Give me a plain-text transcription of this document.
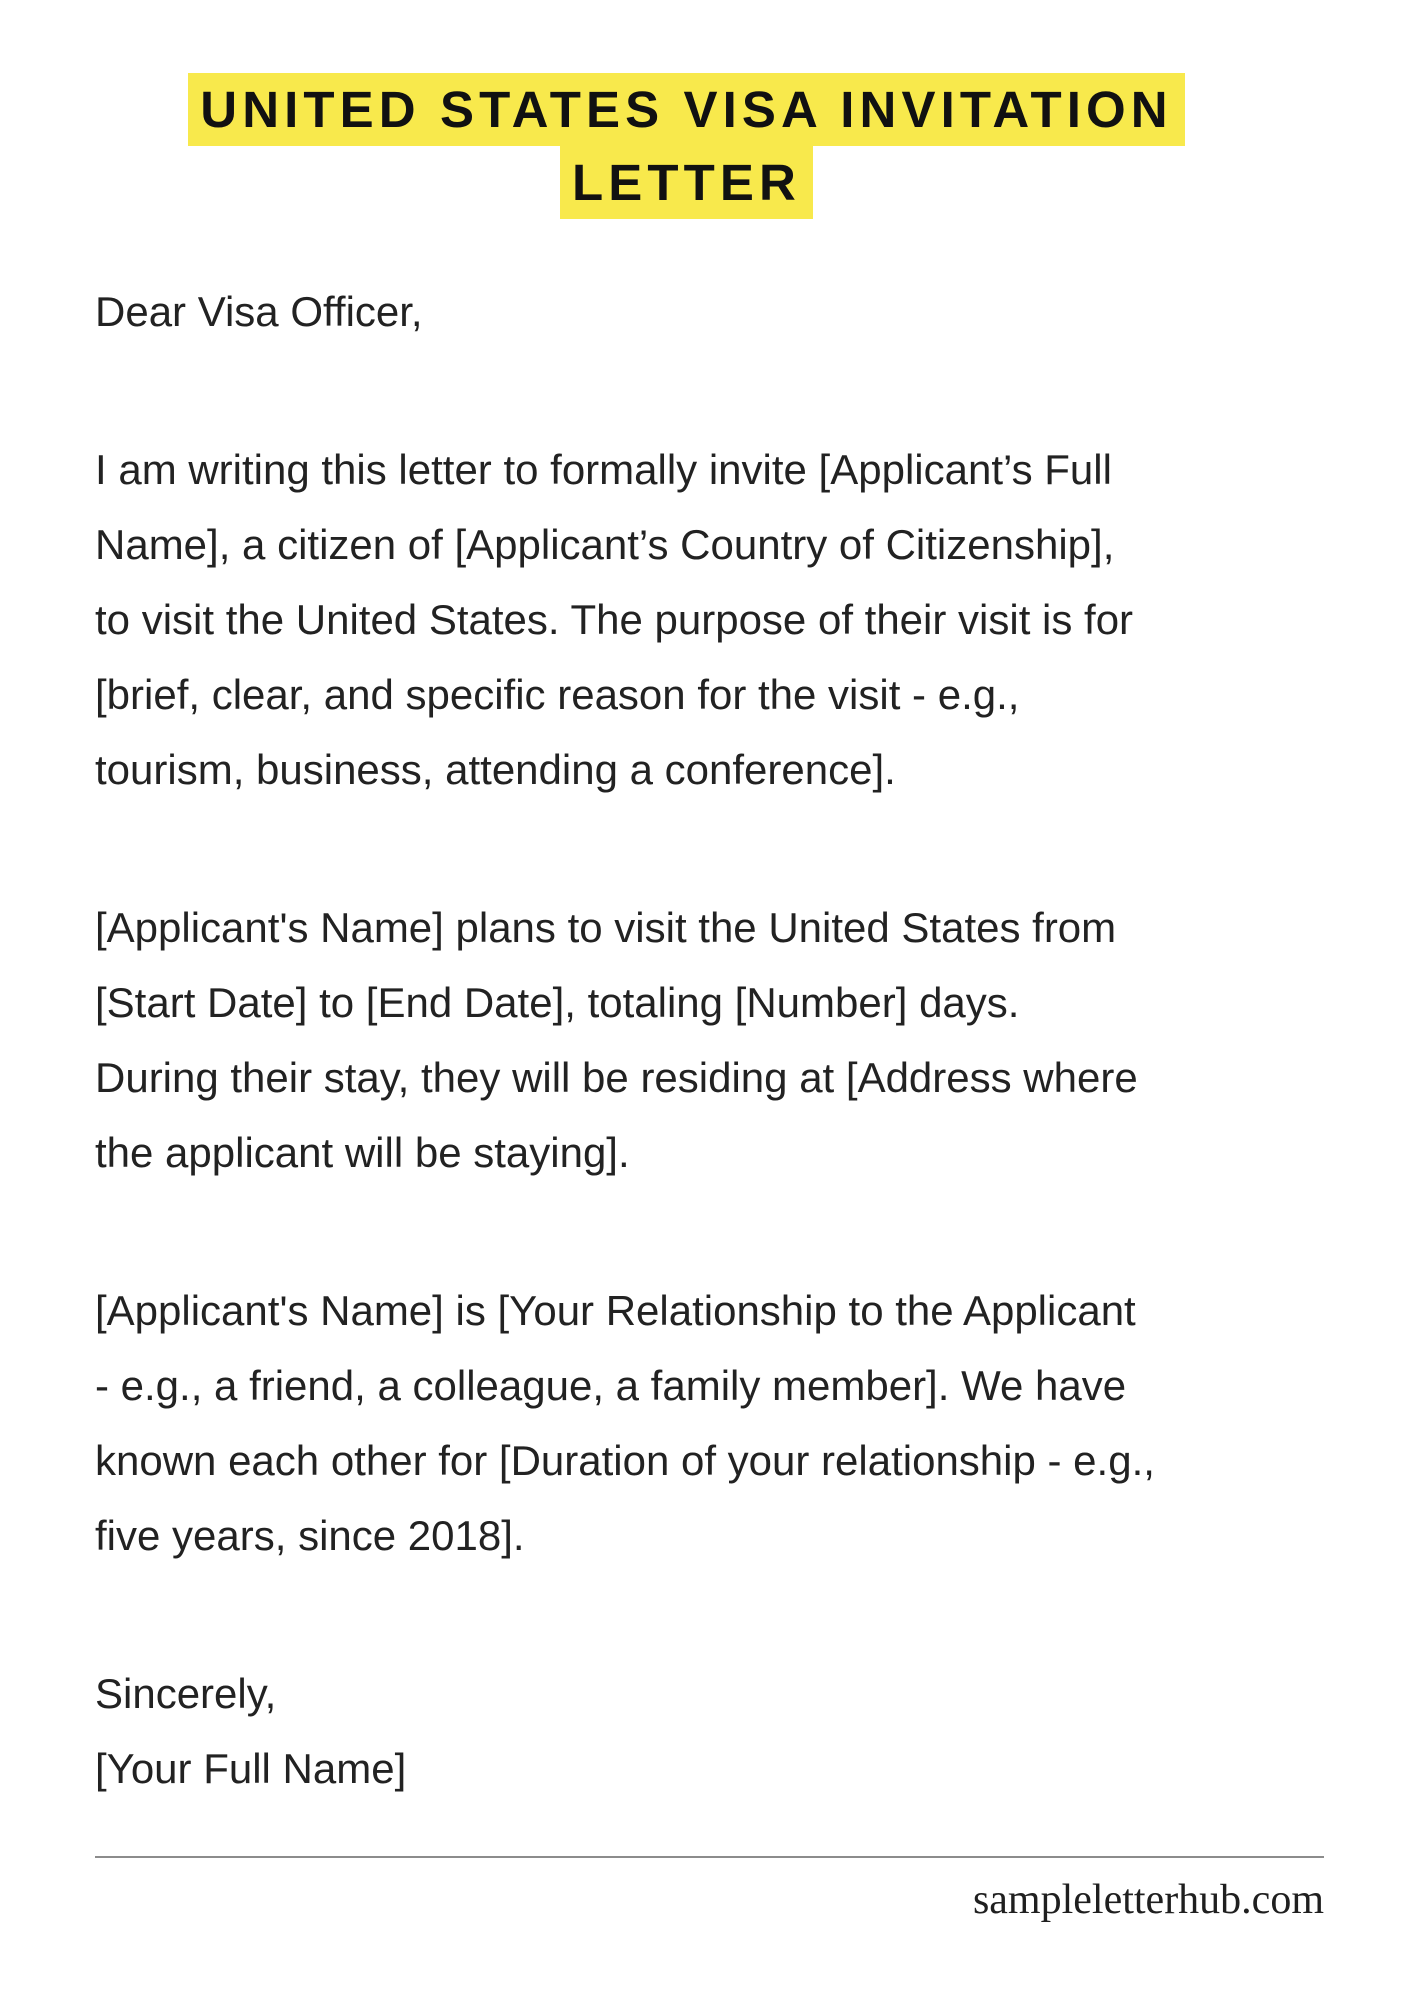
UNITED STATES VISA INVITATION
LETTER
Dear Visa Officer,
I am writing this letter to formally invite [Applicant’s Full
Name], a citizen of [Applicant’s Country of Citizenship],
to visit the United States. The purpose of their visit is for
[brief, clear, and specific reason for the visit - e.g.,
tourism, business, attending a conference].
[Applicant's Name] plans to visit the United States from
[Start Date] to [End Date], totaling [Number] days.
During their stay, they will be residing at [Address where
the applicant will be staying].
[Applicant's Name] is [Your Relationship to the Applicant
- e.g., a friend, a colleague, a family member]. We have
known each other for [Duration of your relationship - e.g.,
five years, since 2018].
Sincerely,
[Your Full Name]
sampleletterhub.com
